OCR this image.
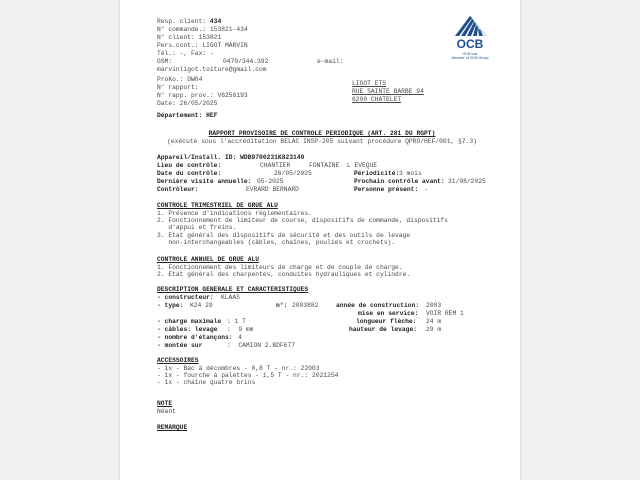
Resp. client: 434
N° commande.: 153821-434
N° client: 153821
Pers.cont.: LIGOT MARVIN
Tél.: -, Fax: -
GSM:	0470/344.392	e-mail:
marvinligot.toiture@gmail.com
ProKo.: DW04
N° rapport:
N° rapp. prov.: V6256193
Date: 26/05/2025
LIGOT ETS
RUE SAINTE BARBE 94
6200 CHATELET
OCB
OCB vzw
Member of OCB Group
Département: HEF
RAPPORT PROVISOIRE DE CONTROLE PERIODIQUE (ART. 281 DU RGPT)
(exécuté sous l'accréditation BELAC INSP-205 suivant procédure QPRO/HEF/001, §7.3)
Appareil/Install. ID: WDB9700231K823140
Lieu de contrôle:	CHANTIER     FONTAINE  L EVEQUE
Date du contrôle:	26/05/2025	Périodicité: 3 mois
Dernière visite annuelle: 05-2025	Prochain contrôle avant: 31/08/2025
Contrôleur:	EVRARD BERNARD	Personne présent: -
CONTROLE TRIMESTRIEL DE GRUE ALU
1. Présence d'indications réglementaires.
2. Fonctionnement de limiteur de course, dispositifs de commande, dispositifs
d'appui et freins.
3. Etat général des dispositifs de sécurité et des outils de levage
non-interchangeables (câbles, chaînes, poulies et crochets).
CONTROLE ANNUEL DE GRUE ALU
1. Fonctionnement des limiteurs de charge et de couple de charge.
2. Etat général des charpentes, conduites hydrauliques et cylindre.
DESCRIPTION GENERALE ET CARACTERISTIQUES
- constructeur: KLAAS
- type: K24 29	n°: 2003882	année de construction: 2003
mise en service: VOIR REM 1
- charge maximale : 1 T	longueur flèche: 24 m
- câbles: levage :  9 mm	hauteur de levage: 29 m
- nombre d'étançons: 4
- montée sur	:  CAMION 2.BDF677
ACCESSOIRES
- 1x - Bac à décombres - 0,8 T - nr.: 22003
- 1x - fourche à palettes - 1,5 T - nr.: 2021254
- 1x - chaîne quatre brins
NOTE
Néant
REMARQUE
